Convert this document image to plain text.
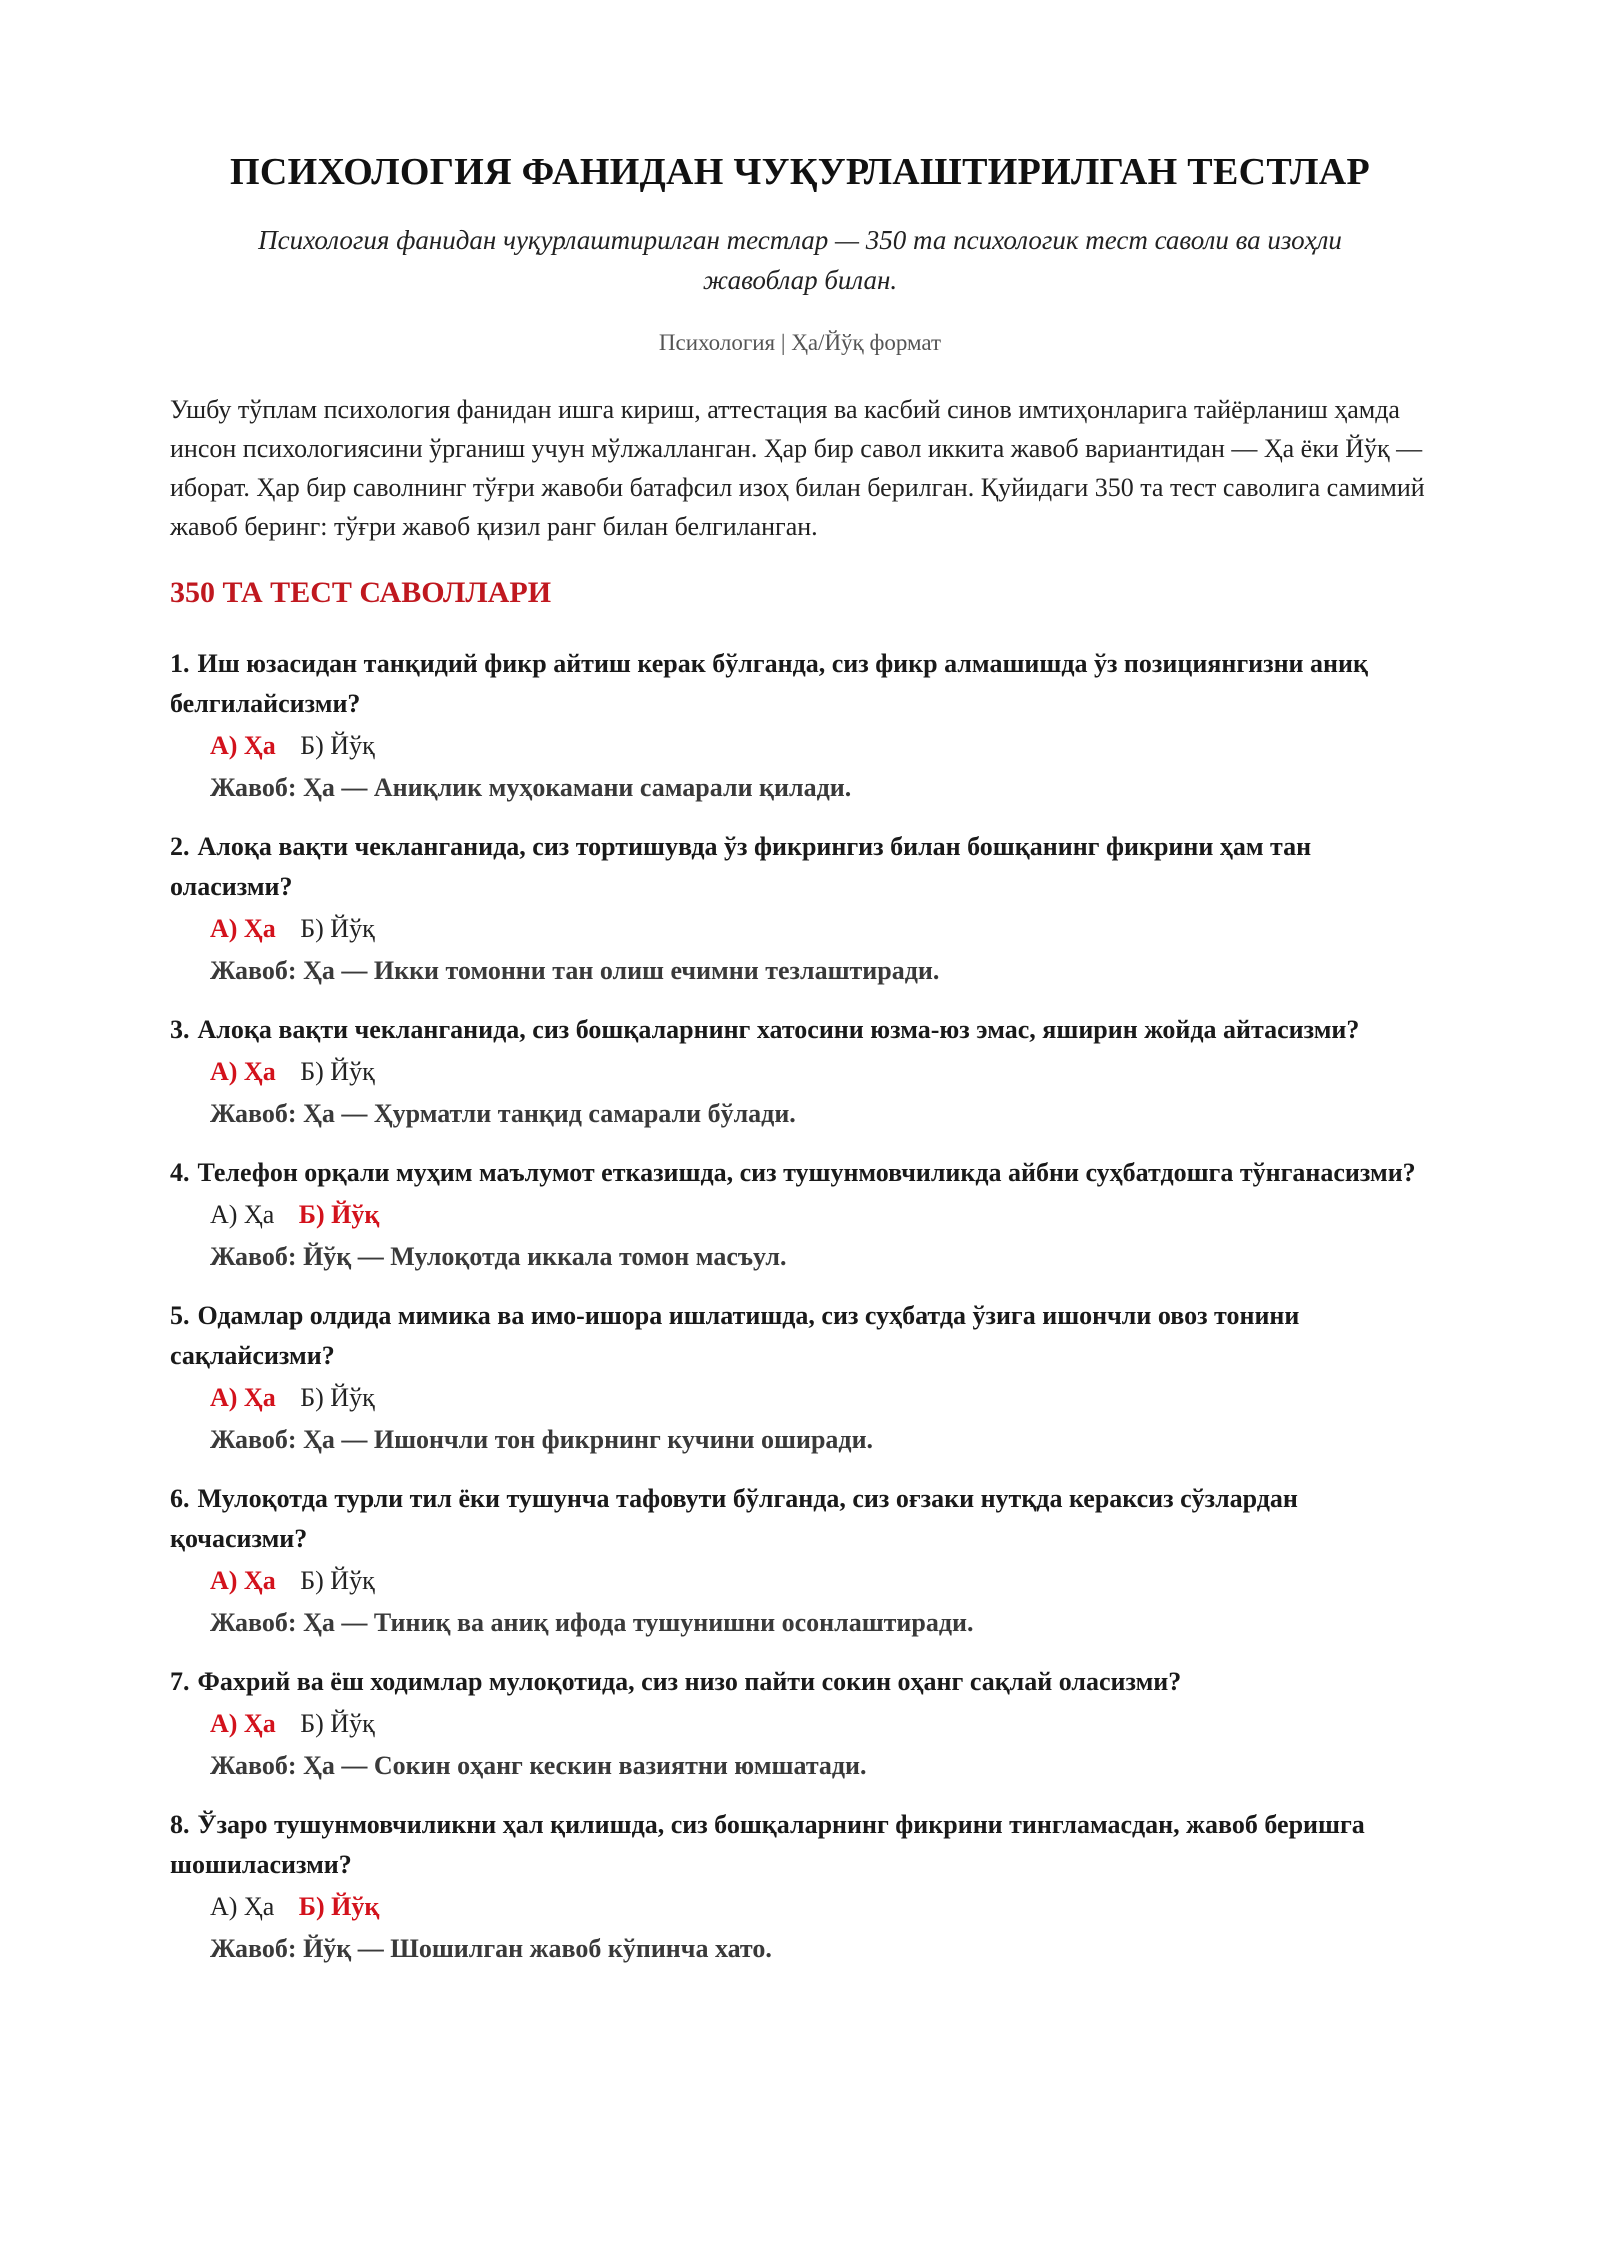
ПСИХОЛОГИЯ ФАНИДАН ЧУҚУРЛАШТИРИЛГАН ТЕСТЛАР
Психология фанидан чуқурлаштирилган тестлар — 350 та психологик тест саволи ва изоҳли жавоблар билан.
Психология | Ҳа/Йўқ формат

Ушбу тўплам психология фанидан ишга кириш, аттестация ва касбий синов имтиҳонларига тайёрланиш ҳамда инсон психологиясини ўрганиш учун мўлжалланган. Ҳар бир савол иккита жавоб вариантидан — Ҳа ёки Йўқ — иборат. Ҳар бир саволнинг тўғри жавоби батафсил изоҳ билан берилган. Қуйидаги 350 та тест саволига самимий жавоб беринг: тўғри жавоб қизил ранг билан белгиланган.

350 ТА ТЕСТ САВОЛЛАРИ
1. Иш юзасидан танқидий фикр айтиш керак бўлганда, сиз фикр алмашишда ўз позициянгизни аниқ белгилайсизми?
А) Ҳа Б) Йўқ
Жавоб: Ҳа — Аниқлик муҳокамани самарали қилади.
2. Алоқа вақти чекланганида, сиз тортишувда ўз фикрингиз билан бошқанинг фикрини ҳам тан оласизми?
А) Ҳа Б) Йўқ
Жавоб: Ҳа — Икки томонни тан олиш ечимни тезлаштиради.
3. Алоқа вақти чекланганида, сиз бошқаларнинг хатосини юзма-юз эмас, яширин жойда айтасизми?
А) Ҳа Б) Йўқ
Жавоб: Ҳа — Ҳурматли танқид самарали бўлади.
4. Телефон орқали муҳим маълумот етказишда, сиз тушунмовчиликда айбни суҳбатдошга тўнганасизми?
А) Ҳа Б) Йўқ
Жавоб: Йўқ — Мулоқотда иккала томон масъул.
5. Одамлар олдида мимика ва имо-ишора ишлатишда, сиз суҳбатда ўзига ишончли овоз тонини сақлайсизми?
А) Ҳа Б) Йўқ
Жавоб: Ҳа — Ишончли тон фикрнинг кучини оширади.
6. Мулоқотда турли тил ёки тушунча тафовути бўлганда, сиз оғзаки нутқда кераксиз сўзлардан қочасизми?
А) Ҳа Б) Йўқ
Жавоб: Ҳа — Тиниқ ва аниқ ифода тушунишни осонлаштиради.
7. Фахрий ва ёш ходимлар мулоқотида, сиз низо пайти сокин оҳанг сақлай оласизми?
А) Ҳа Б) Йўқ
Жавоб: Ҳа — Сокин оҳанг кескин вазиятни юмшатади.
8. Ўзаро тушунмовчиликни ҳал қилишда, сиз бошқаларнинг фикрини тингламасдан, жавоб беришга шошиласизми?
А) Ҳа Б) Йўқ
Жавоб: Йўқ — Шошилган жавоб кўпинча хато.
